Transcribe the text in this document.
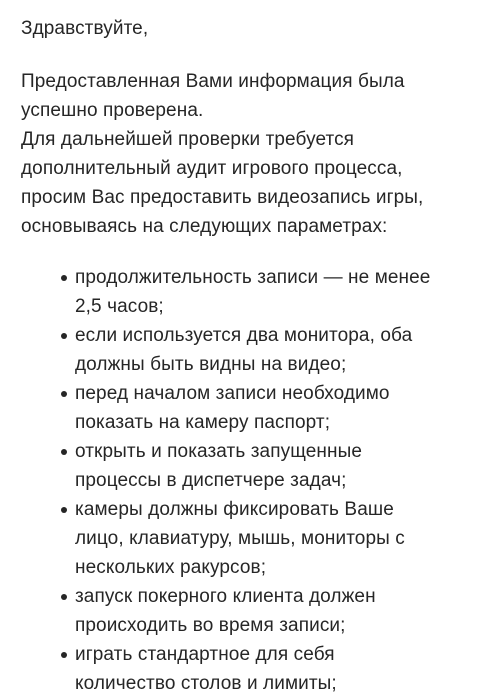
Здравствуйте,

Предоставленная Вами информация была успешно проверена.

Для дальнейшей проверки требуется дополнительный аудит игрового процесса, просим Вас предоставить видеозапись игры, основываясь на следующих параметрах:

продолжительность записи — не менее 2,5 часов;
если используется два монитора, оба должны быть видны на видео;
перед началом записи необходимо показать на камеру паспорт;
открыть и показать запущенные процессы в диспетчере задач;
камеры должны фиксировать Ваше лицо, клавиатуру, мышь, мониторы с нескольких ракурсов;
запуск покерного клиента должен происходить во время записи;
играть стандартное для себя количество столов и лимиты;
